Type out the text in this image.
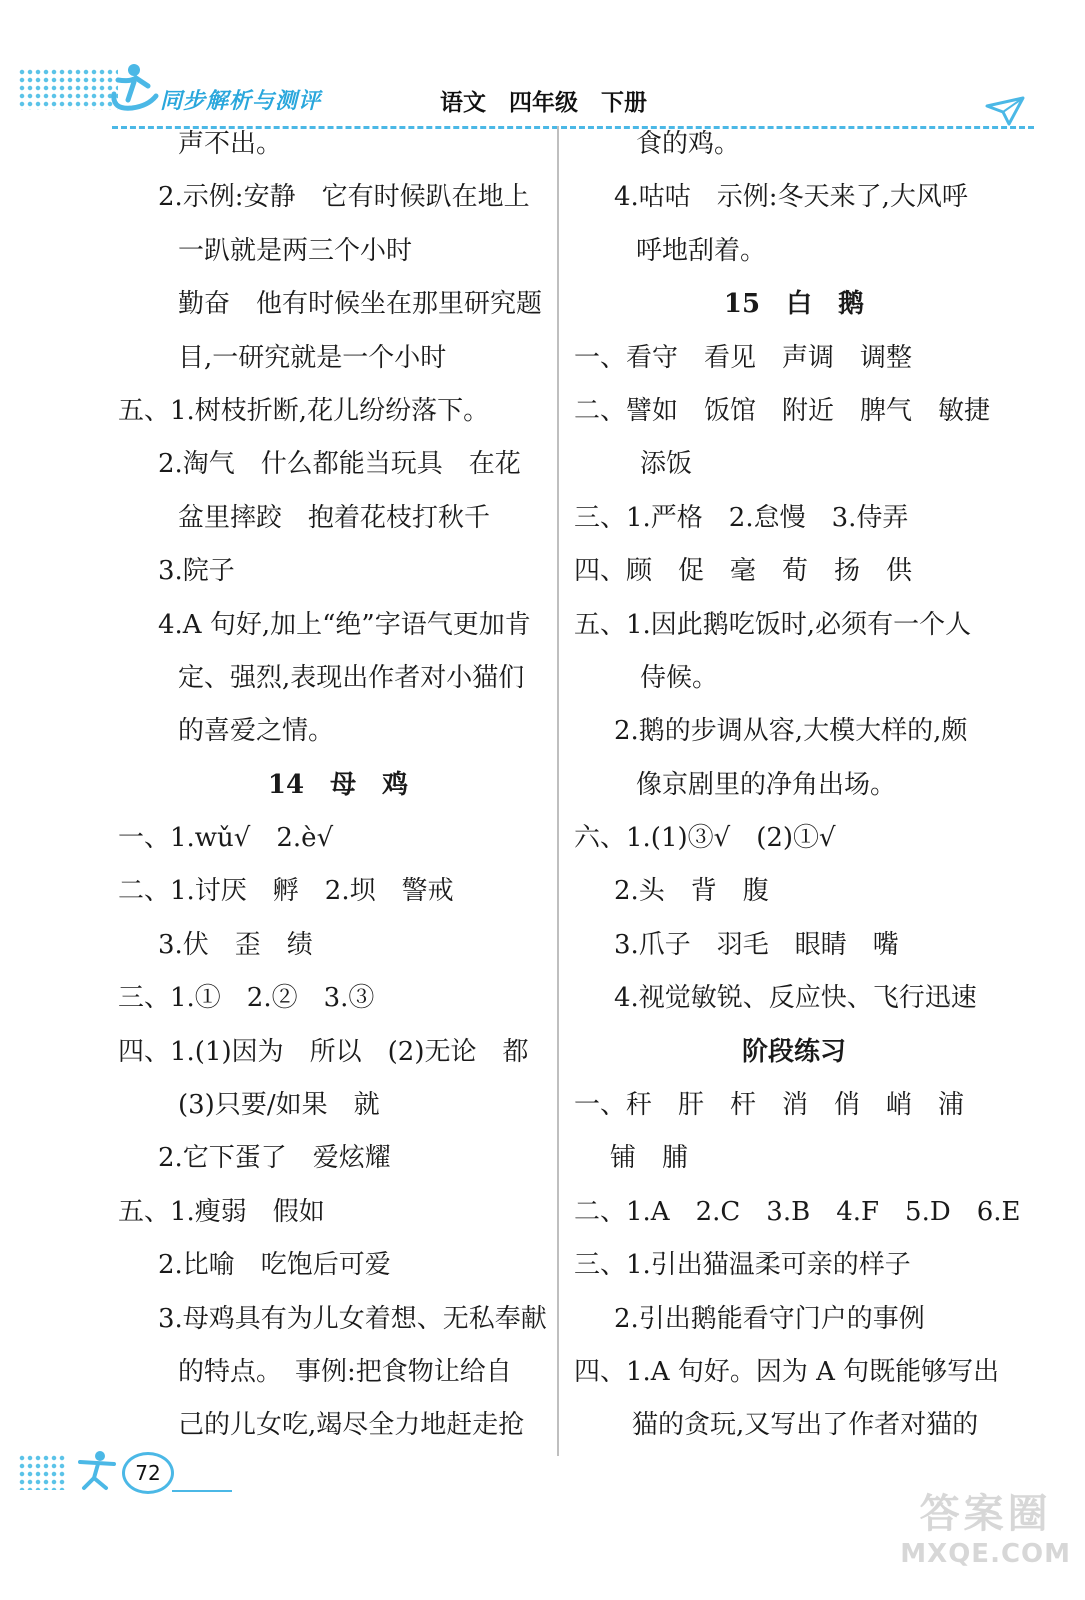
同步解析与测评	语文　四年级　下册
声不出。
2.示例:安静　它有时候趴在地上
一趴就是两三个小时
勤奋　他有时候坐在那里研究题
目,一研究就是一个小时
五、1.树枝折断,花儿纷纷落下。
2.淘气　什么都能当玩具　在花
盆里摔跤　抱着花枝打秋千
3.院子
4.A 句好,加上“绝”字语气更加肯
定、强烈,表现出作者对小猫们
的喜爱之情。
14　母　鸡
一、1.wǔ√　2.è√
二、1.讨厌　孵　2.坝　警戒
3.伏　歪　绩
三、1.①　2.②　3.③
四、1.(1)因为　所以　(2)无论　都
(3)只要/如果　就
2.它下蛋了　爱炫耀
五、1.瘦弱　假如
2.比喻　吃饱后可爱
3.母鸡具有为儿女着想、无私奉献
的特点。　事例:把食物让给自
己的儿女吃,竭尽全力地赶走抢
食的鸡。
4.咕咕　示例:冬天来了,大风呼
呼地刮着。
15　白　鹅
一、看守　看见　声调　调整
二、譬如　饭馆　附近　脾气　敏捷
添饭
三、1.严格　2.怠慢　3.侍弄
四、顾　促　毫　荀　扬　供
五、1.因此鹅吃饭时,必须有一个人
侍候。
2.鹅的步调从容,大模大样的,颇
像京剧里的净角出场。
六、1.(1)③√　(2)①√
2.头　背　腹
3.爪子　羽毛　眼睛　嘴
4.视觉敏锐、反应快、飞行迅速
阶段练习
一、秆　肝　杆　消　俏　峭　浦
铺　脯
二、1.A　2.C　3.B　4.F　5.D　6.E
三、1.引出猫温柔可亲的样子
2.引出鹅能看守门户的事例
四、1.A 句好。因为 A 句既能够写出
猫的贪玩,又写出了作者对猫的
72
答案圈
MXQE.COM
